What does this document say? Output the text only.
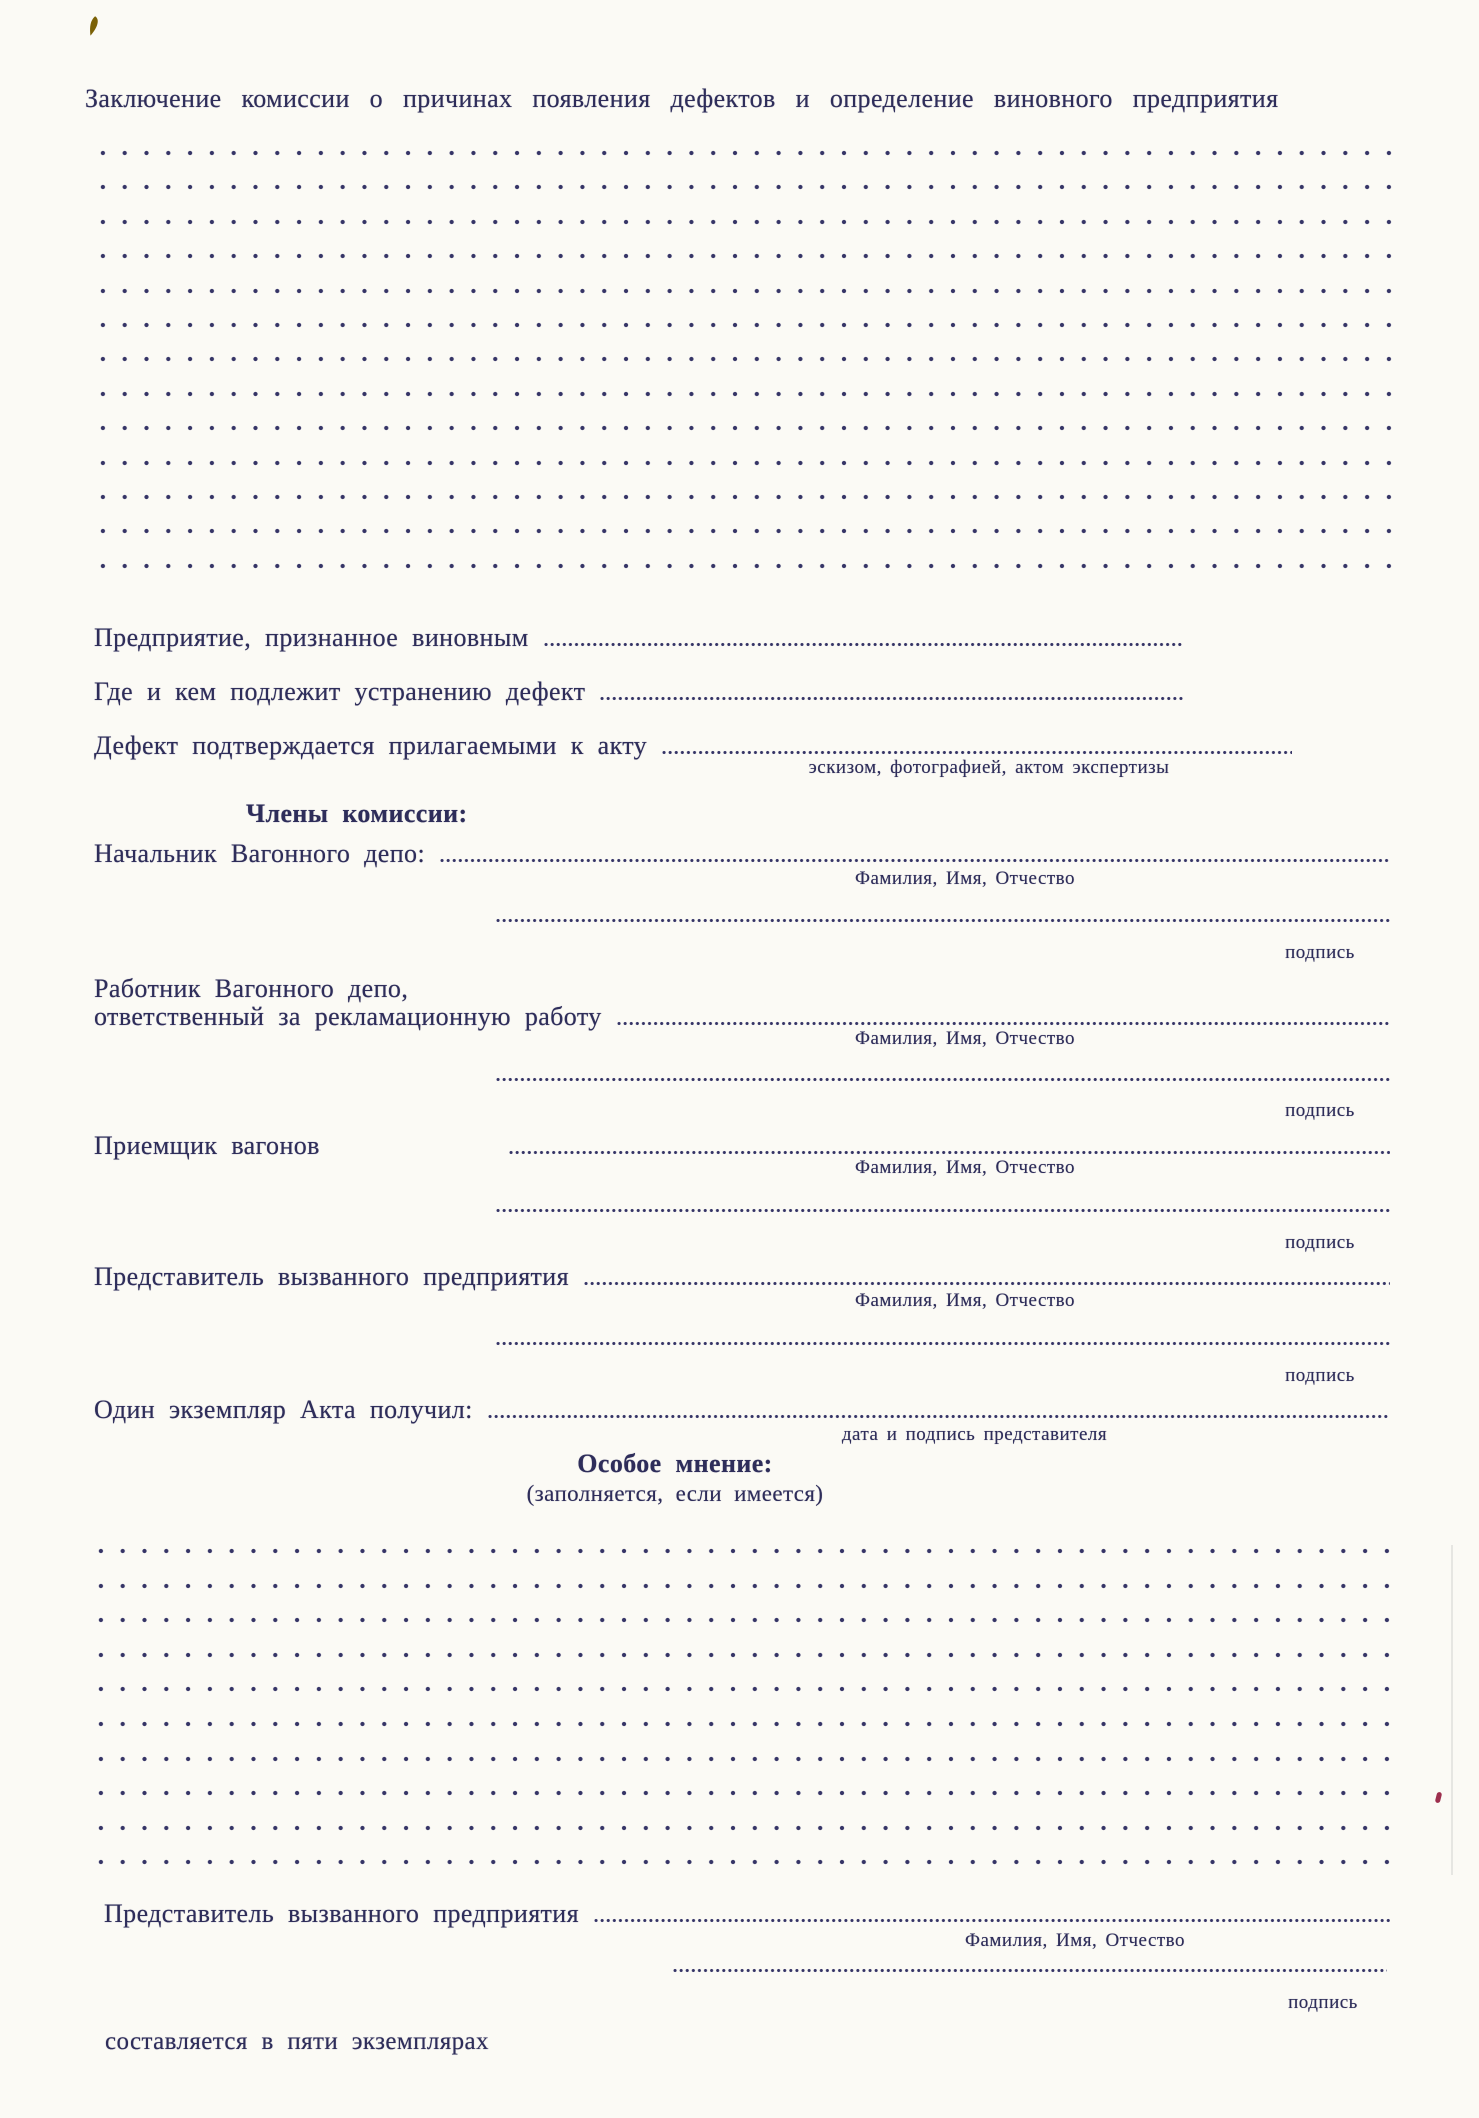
Заключение комиссии о причинах появления дефектов и определение виновного предприятия
Предприятие, признанное виновным
Где и кем подлежит устранению дефект
Дефект подтверждается прилагаемыми к акту
эскизом, фотографией, актом экспертизы
Члены комиссии:
Начальник Вагонного депо:
Фамилия, Имя, Отчество
подпись
Работник Вагонного депо,
ответственный за рекламационную работу
Фамилия, Имя, Отчество
подпись
Приемщик вагонов
Фамилия, Имя, Отчество
подпись
Представитель вызванного предприятия
Фамилия, Имя, Отчество
подпись
Один экземпляр Акта получил:
дата и подпись представителя
Особое мнение:
(заполняется, если имеется)
Представитель вызванного предприятия
Фамилия, Имя, Отчество
подпись
составляется в пяти экземплярах
